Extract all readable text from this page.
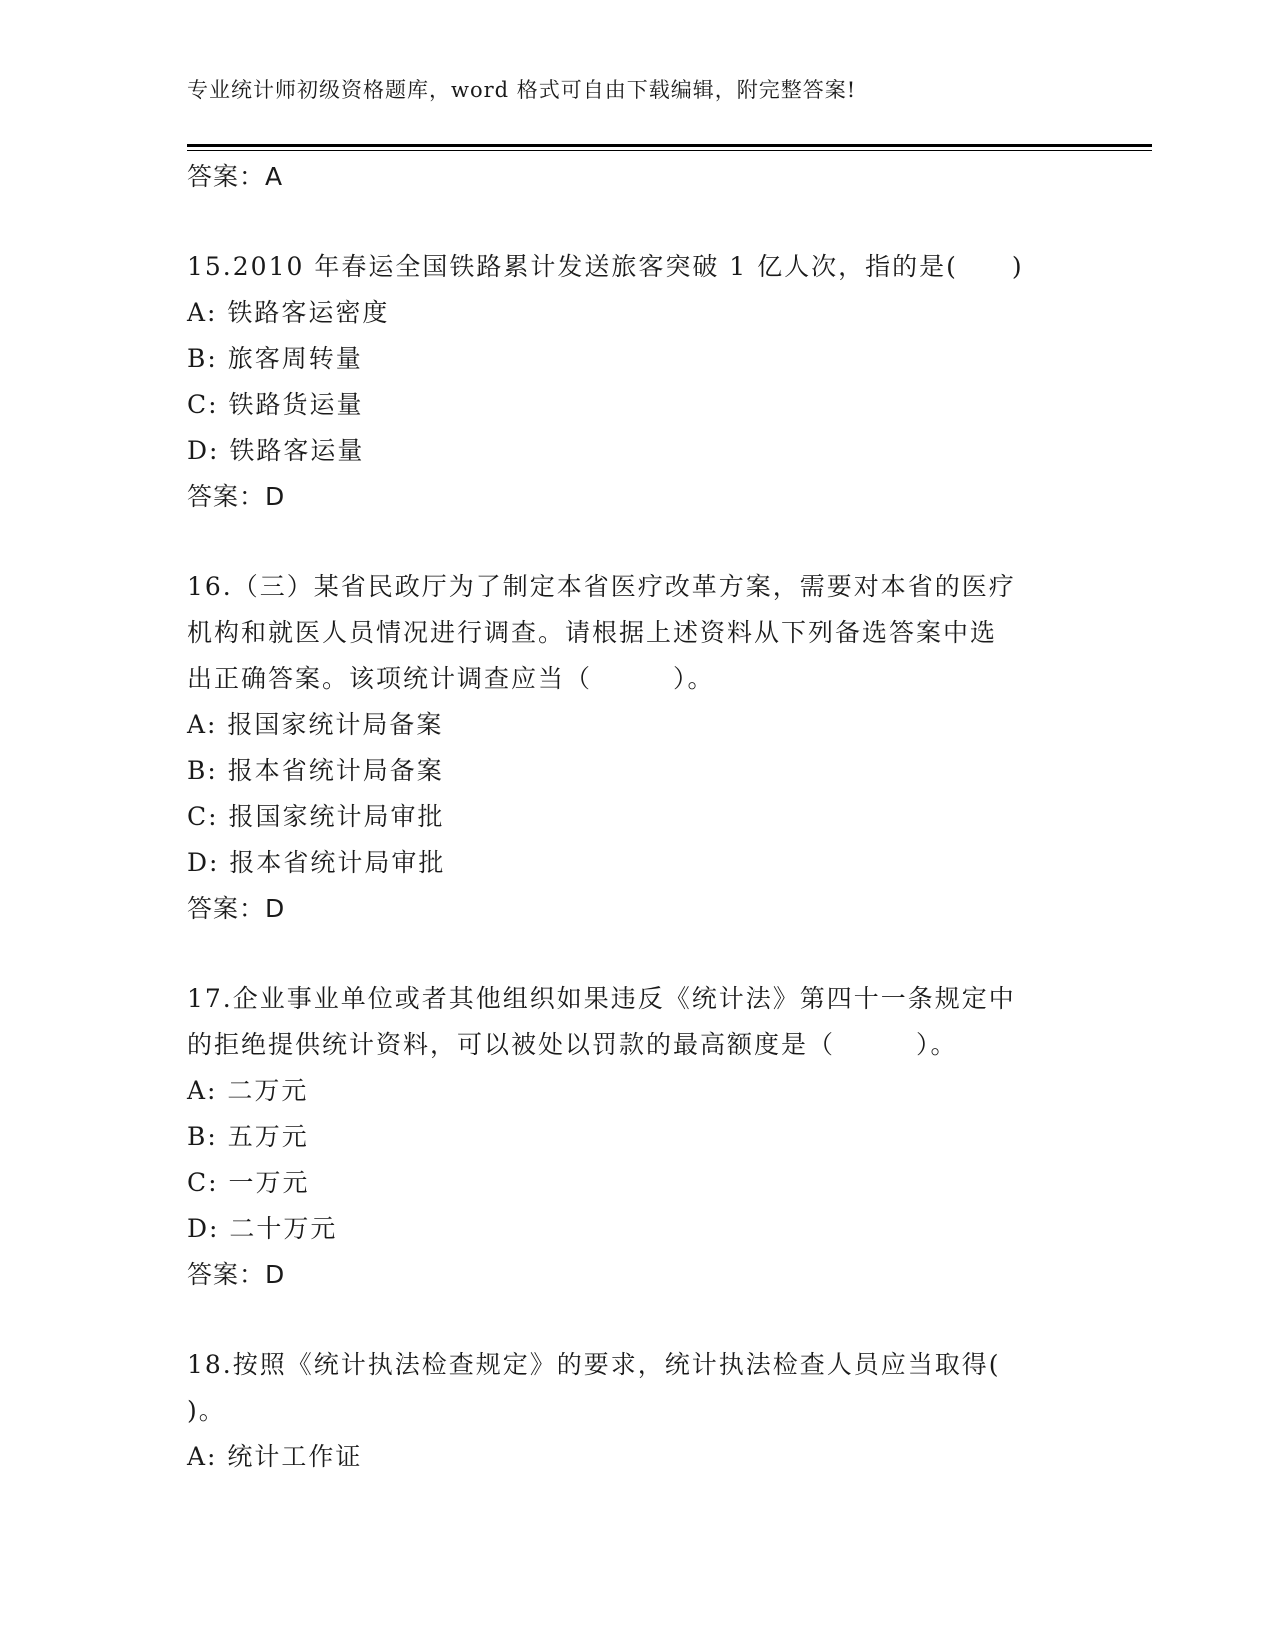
专业统计师初级资格题库，word 格式可自由下载编辑，附完整答案!
答案：A
15.2010 年春运全国铁路累计发送旅客突破 1 亿人次，指的是(　　)
A: 铁路客运密度
B: 旅客周转量
C: 铁路货运量
D: 铁路客运量
答案：D
16.（三）某省民政厅为了制定本省医疗改革方案，需要对本省的医疗
机构和就医人员情况进行调查。请根据上述资料从下列备选答案中选
出正确答案。该项统计调查应当（　　　）。
A: 报国家统计局备案
B: 报本省统计局备案
C: 报国家统计局审批
D: 报本省统计局审批
答案：D
17.企业事业单位或者其他组织如果违反《统计法》第四十一条规定中
的拒绝提供统计资料，可以被处以罚款的最高额度是（　　　）。
A: 二万元
B: 五万元
C: 一万元
D: 二十万元
答案：D
18.按照《统计执法检查规定》的要求，统计执法检查人员应当取得(
)。
A: 统计工作证
